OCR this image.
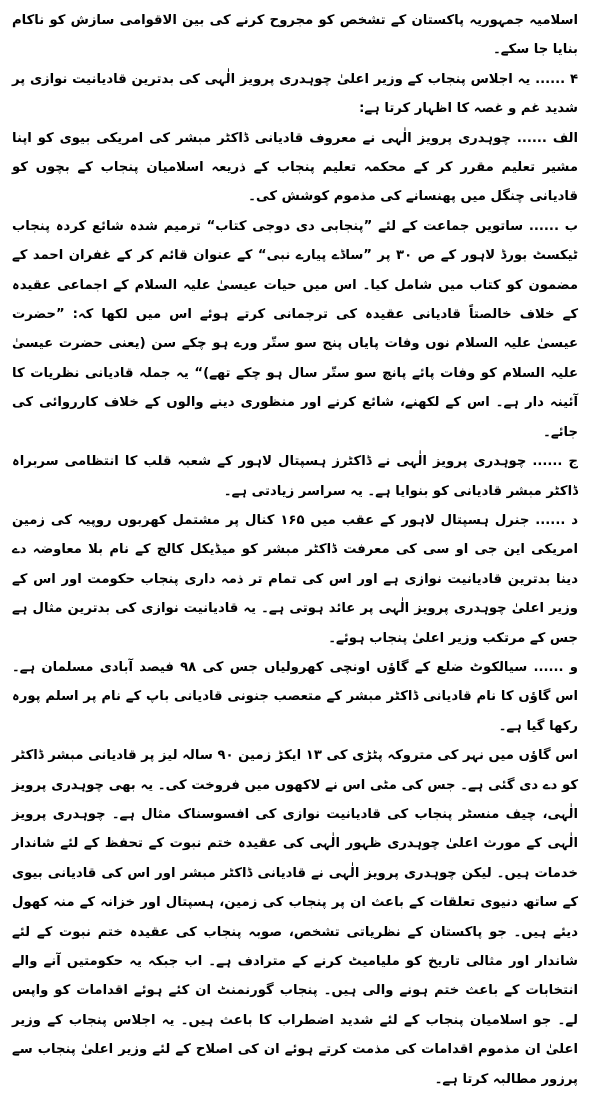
اسلامیہ جمہوریہ پاکستان کے تشخص کو مجروح کرنے کی بین الاقوامی سازش کو ناکام بنایا جا سکے۔

۴ ...... یہ اجلاس پنجاب کے وزیر اعلیٰ چوہدری پرویز الٰہی کی بدترین قادیانیت نوازی پر شدید غم و غصہ کا اظہار کرتا ہے:

الف ...... چوہدری پرویز الٰہی نے معروف قادیانی ڈاکٹر مبشر کی امریکی بیوی کو اپنا مشیر تعلیم مقرر کر کے محکمہ تعلیم پنجاب کے ذریعہ اسلامیان پنجاب کے بچوں کو قادیانی چنگل میں پھنسانے کی مذموم کوشش کی۔

ب ...... ساتویں جماعت کے لئے ”پنجابی دی دوجی کتاب“ ترمیم شدہ شائع کردہ پنجاب ٹیکسٹ بورڈ لاہور کے ص ۳۰ پر ”ساڈے پیارے نبی“ کے عنوان قائم کر کے غفران احمد کے مضمون کو کتاب میں شامل کیا۔ اس میں حیات عیسیٰ علیہ السلام کے اجماعی عقیدہ کے خلاف خالصتاً قادیانی عقیدہ کی ترجمانی کرتے ہوئے اس میں لکھا کہ: ”حضرت عیسیٰ علیہ السلام نوں وفات پایاں پنج سو ستّر ورے ہو چکے سن (یعنی حضرت عیسیٰ علیہ السلام کو وفات پائے پانچ سو ستّر سال ہو چکے تھے)“ یہ جملہ قادیانی نظریات کا آئینہ دار ہے۔ اس کے لکھنے، شائع کرنے اور منظوری دینے والوں کے خلاف کارروائی کی جائے۔

ج ...... چوہدری پرویز الٰہی نے ڈاکٹرز ہسپتال لاہور کے شعبہ قلب کا انتظامی سربراہ ڈاکٹر مبشر قادیانی کو بنوایا ہے۔ یہ سراسر زیادتی ہے۔

د ...... جنرل ہسپتال لاہور کے عقب میں ۱۶۵ کنال پر مشتمل کھربوں روپیہ کی زمین امریکی این جی او سی کی معرفت ڈاکٹر مبشر کو میڈیکل کالج کے نام بلا معاوضہ دے دینا بدترین قادیانیت نوازی ہے اور اس کی تمام تر ذمہ داری پنجاب حکومت اور اس کے وزیر اعلیٰ چوہدری پرویز الٰہی پر عائد ہوتی ہے۔ یہ قادیانیت نوازی کی بدترین مثال ہے جس کے مرتکب وزیر اعلیٰ پنجاب ہوئے۔

و ...... سیالکوٹ ضلع کے گاؤں اونچی کھرولیاں جس کی ۹۸ فیصد آبادی مسلمان ہے۔ اس گاؤں کا نام قادیانی ڈاکٹر مبشر کے متعصب جنونی قادیانی باپ کے نام پر اسلم پورہ رکھا گیا ہے۔

اس گاؤں میں نہر کی متروکہ پٹڑی کی ۱۳ ایکڑ زمین ۹۰ سالہ لیز پر قادیانی مبشر ڈاکٹر کو دے دی گئی ہے۔ جس کی مٹی اس نے لاکھوں میں فروخت کی۔ یہ بھی چوہدری پرویز الٰہی، چیف منسٹر پنجاب کی قادیانیت نوازی کی افسوسناک مثال ہے۔ چوہدری پرویز الٰہی کے مورث اعلیٰ چوہدری ظہور الٰہی کی عقیدہ ختم نبوت کے تحفظ کے لئے شاندار خدمات ہیں۔ لیکن چوہدری پرویز الٰہی نے قادیانی ڈاکٹر مبشر اور اس کی قادیانی بیوی کے ساتھ دنیوی تعلقات کے باعث ان پر پنجاب کی زمین، ہسپتال اور خزانہ کے منہ کھول دیئے ہیں۔ جو پاکستان کے نظریاتی تشخص، صوبہ پنجاب کی عقیدہ ختم نبوت کے لئے شاندار اور مثالی تاریخ کو ملیامیٹ کرنے کے مترادف ہے۔ اب جبکہ یہ حکومتیں آنے والے انتخابات کے باعث ختم ہونے والی ہیں۔ پنجاب گورنمنٹ ان کئے ہوئے اقدامات کو واپس لے۔ جو اسلامیان پنجاب کے لئے شدید اضطراب کا باعث ہیں۔ یہ اجلاس پنجاب کے وزیر اعلیٰ ان مذموم اقدامات کی مذمت کرتے ہوئے ان کی اصلاح کے لئے وزیر اعلیٰ پنجاب سے پرزور مطالبہ کرتا ہے۔
